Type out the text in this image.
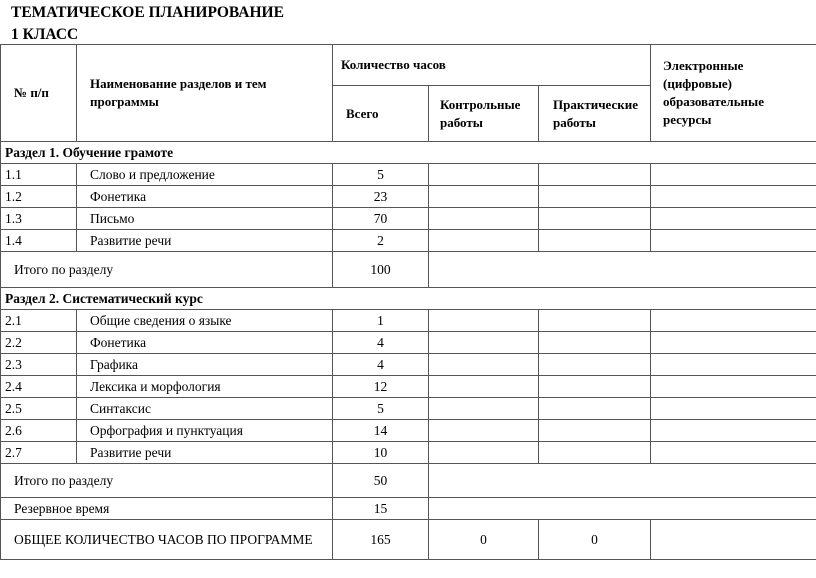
ТЕМАТИЧЕСКОЕ ПЛАНИРОВАНИЕ
1 КЛАСС
№ п/п	Наименование разделов и тем программы	Количество часов			Электронные (цифровые) образовательные ресурсы
		Всего	Контрольные работы	Практические работы	
Раздел 1. Обучение грамоте					
1.1	Слово и предложение	5			
1.2	Фонетика	23			
1.3	Письмо	70			
1.4	Развитие речи	2			
Итого по разделу		100			
Раздел 2. Систематический курс					
2.1	Общие сведения о языке	1			
2.2	Фонетика	4			
2.3	Графика	4			
2.4	Лексика и морфология	12			
2.5	Синтаксис	5			
2.6	Орфография и пунктуация	14			
2.7	Развитие речи	10			
Итого по разделу		50			
Резервное время		15			
ОБЩЕЕ КОЛИЧЕСТВО ЧАСОВ ПО ПРОГРАММЕ		165	0	0	
